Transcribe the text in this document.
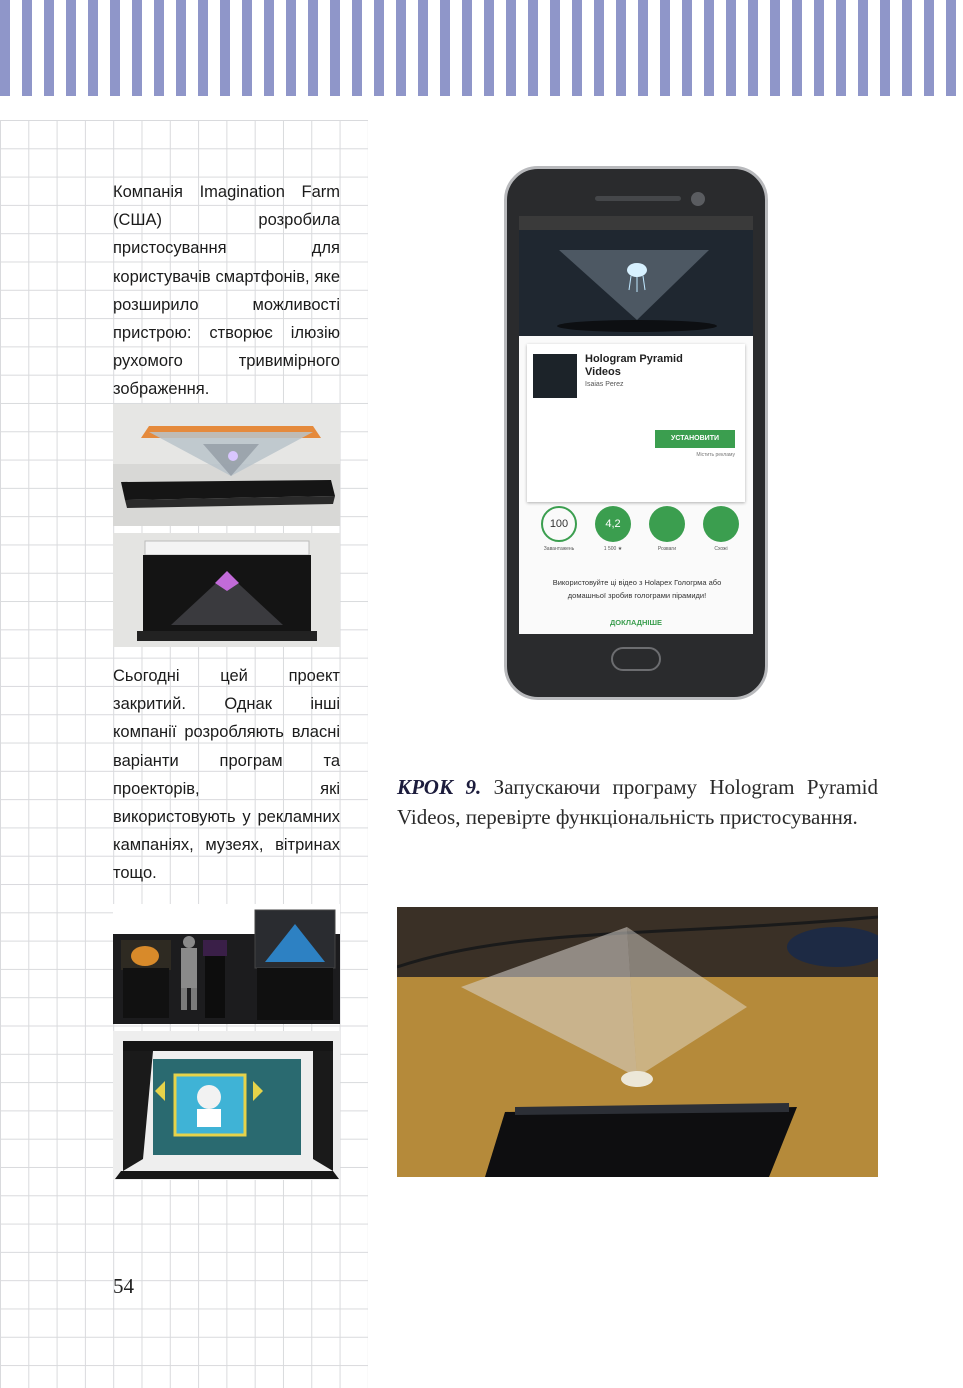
Компанія Imagination Farm (США) розробила пристосування для користувачів смартфонів, яке розширило можливості пристрою: створює ілюзію рухомого тривимірного зображення.

Сьогодні цей проект закритий. Однак інші компанії розробляють власні варіанти програм та проекторів, які використовують у рекламних кампаніях, музеях, вітринах тощо.

54
Hologram Pyramid Videos
Isaias Perez
УСТАНОВИТИ
Містить рекламу
100
Завантажень
4,2
1 500 ★	Розваги	Схожі
Використовуйте ці відео з Holapex Гологрма або домашньої зробив голограми пірамиди!
ДОКЛАДНІШЕ

КРОК 9. Запускаючи програму Hologram Pyramid Videos, перевірте функціональність пристосування.
